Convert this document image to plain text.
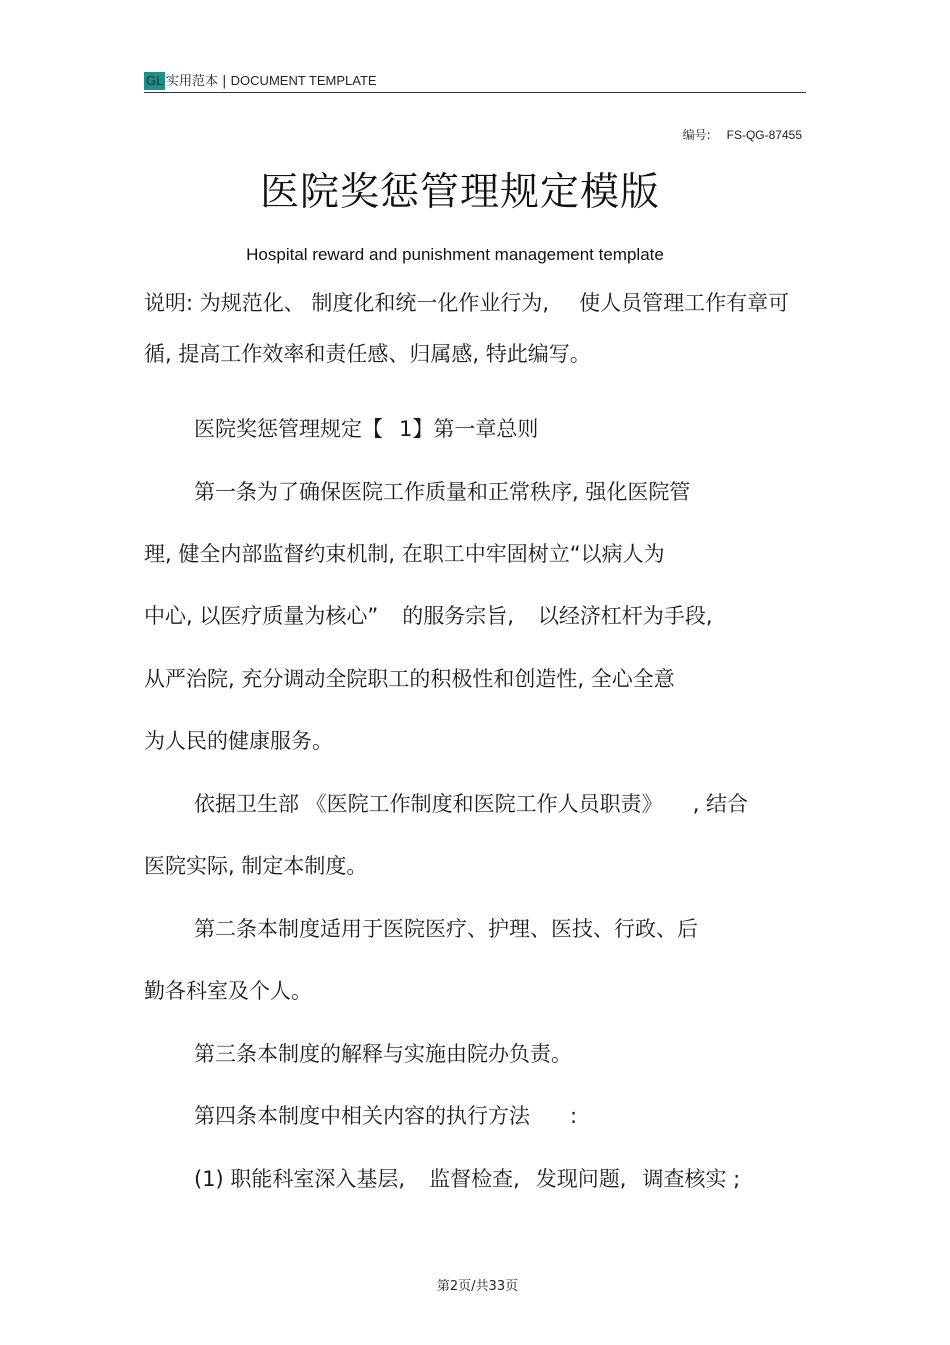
GL 实用范本 | DOCUMENT TEMPLATE
编号: FS-QG-87455
医院奖惩管理规定模版
Hospital reward and punishment management template
说明: 为规范化、 制度化和统一化作业行为, 使人员管理工作有章可
循, 提高工作效率和责任感、归属感, 特此编写。
医院奖惩管理规定【 1】第一章总则
第一条为了确保医院工作质量和正常秩序, 强化医院管
理, 健全内部监督约束机制, 在职工中牢固树立“以病人为
中心, 以医疗质量为核心” 的服务宗旨, 以经济杠杆为手段,
从严治院, 充分调动全院职工的积极性和创造性, 全心全意
为人民的健康服务。
依据卫生部 《医院工作制度和医院工作人员职责》 , 结合
医院实际, 制定本制度。
第二条本制度适用于医院医疗、护理、医技、行政、后
勤各科室及个人。
第三条本制度的解释与实施由院办负责。
第四条本制度中相关内容的执行方法 :
(1) 职能科室深入基层, 监督检查, 发现问题, 调查核实 ;
第2页/共33页
